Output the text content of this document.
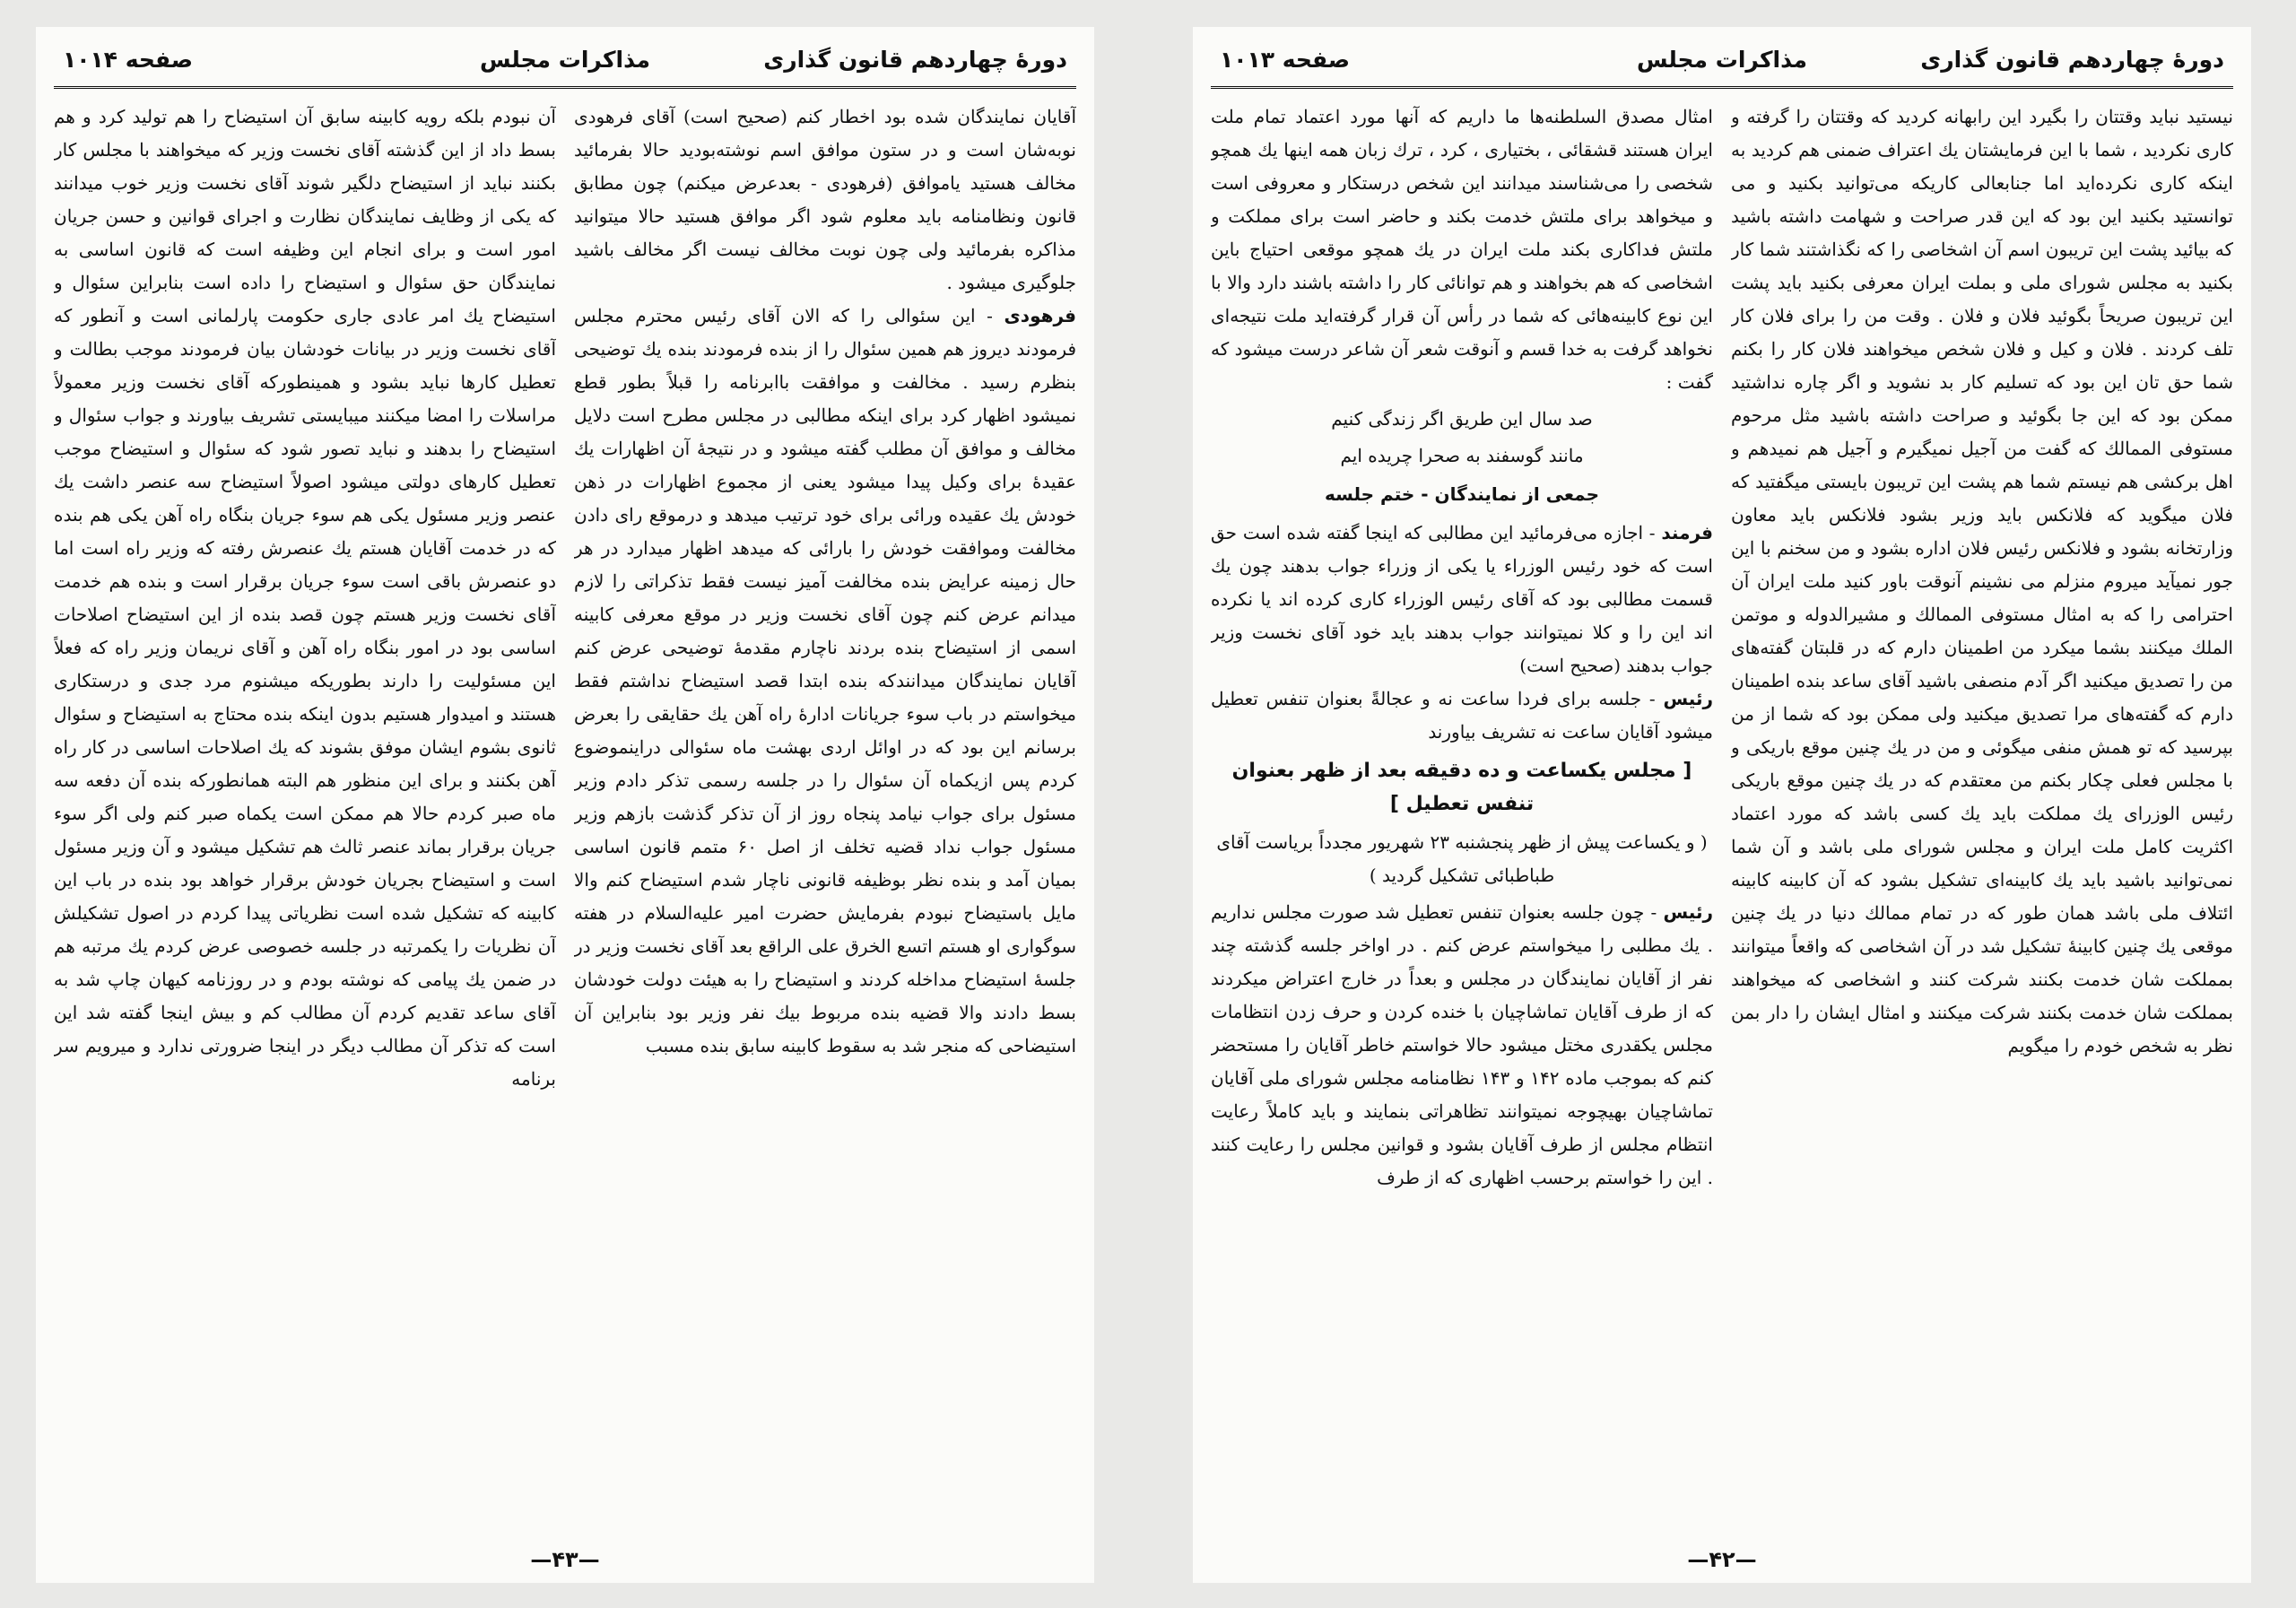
دورهٔ چهاردهم قانون گذاری
مذاکرات مجلس
صفحه ۱۰۱۴

آقایان نمایندگان شده بود اخطار کنم (صحیح است) آقای فرهودی نوبه‌شان است و در ستون موافق اسم نوشته‌بودید حالا بفرمائید مخالف هستید یاموافق (فرهودی - بعدعرض میکنم) چون مطابق قانون ونظامنامه باید معلوم شود اگر موافق هستید حالا میتوانید مذاکره بفرمائید ولی چون نوبت مخالف نیست اگر مخالف باشید جلوگیری میشود .

فرهودی - این سئوالی را که الان آقای رئیس محترم مجلس فرمودند دیروز هم همین سئوال را از بنده فرمودند بنده یك توضیحی بنظرم رسید . مخالفت و موافقت باابرنامه را قبلاً بطور قطع نمیشود اظهار کرد برای اینکه مطالبی در مجلس مطرح است دلایل مخالف و موافق آن مطلب گفته میشود و در نتیجهٔ آن اظهارات یك عقیدهٔ برای وکیل پیدا میشود یعنی از مجموع اظهارات در ذهن خودش یك عقیده ورائی برای خود ترتیب میدهد و درموقع رای دادن مخالفت وموافقت خودش را بارائی که میدهد اظهار میدارد در هر حال زمینه عرایض بنده مخالفت آمیز نیست فقط تذکراتی را لازم میدانم عرض کنم چون آقای نخست وزیر در موقع معرفی کابینه اسمی از استیضاح بنده بردند ناچارم مقدمهٔ توضیحی عرض کنم آقایان نمایندگان میدانندکه بنده ابتدا قصد استیضاح نداشتم فقط میخواستم در باب سوء جریانات ادارهٔ راه آهن یك حقایقی را بعرض برسانم این بود که در اوائل اردی بهشت ماه سئوالی دراینموضوع کردم پس ازیکماه آن سئوال را در جلسه رسمی تذکر دادم وزیر مسئول برای جواب نیامد پنجاه روز از آن تذکر گذشت بازهم وزیر مسئول جواب نداد قضیه تخلف از اصل ۶۰ متمم قانون اساسی بمیان آمد و بنده نظر بوظیفه قانونی ناچار شدم استیضاح کنم والا مایل باستیضاح نبودم بفرمایش حضرت امیر علیه‌السلام در هفته سوگواری او هستم اتسع الخرق علی الراقع بعد آقای نخست وزیر در جلسهٔ استیضاح مداخله کردند و استیضاح را به هیئت دولت خودشان بسط دادند والا قضیه بنده مربوط بیك نفر وزیر بود بنابراین آن استیضاحی که منجر شد به سقوط کابینه سابق بنده مسبب

آن نبودم بلکه رویه کابینه سابق آن استیضاح را هم تولید کرد و هم بسط داد از این گذشته آقای نخست وزیر که میخواهند با مجلس کار بکنند نباید از استیضاح دلگیر شوند آقای نخست وزیر خوب میدانند که یکی از وظایف نمایندگان نظارت و اجرای قوانین و حسن جریان امور است و برای انجام این وظیفه است که قانون اساسی به نمایندگان حق سئوال و استیضاح را داده است بنابراین سئوال و استیضاح یك امر عادی جاری حکومت پارلمانی است و آنطور که آقای نخست وزیر در بیانات خودشان بیان فرمودند موجب بطالت و تعطیل کارها نباید بشود و همینطورکه آقای نخست وزیر معمولاً مراسلات را امضا میکنند میبایستی تشریف بیاورند و جواب سئوال و استیضاح را بدهند و نباید تصور شود که سئوال و استیضاح موجب تعطیل کارهای دولتی میشود اصولاً استیضاح سه عنصر داشت یك عنصر وزیر مسئول یکی هم سوء جریان بنگاه راه آهن یکی هم بنده که در خدمت آقایان هستم یك عنصرش رفته که وزیر راه است اما دو عنصرش باقی است سوء جریان برقرار است و بنده هم خدمت آقای نخست وزیر هستم چون قصد بنده از این استیضاح اصلاحات اساسی بود در امور بنگاه راه آهن و آقای نریمان وزیر راه که فعلاً این مسئولیت را دارند بطوریکه میشنوم مرد جدی و درستکاری هستند و امیدوار هستیم بدون اینکه بنده محتاج به استیضاح و سئوال ثانوی بشوم ایشان موفق بشوند که یك اصلاحات اساسی در کار راه آهن بکنند و برای این منظور هم البته همانطورکه بنده آن دفعه سه ماه صبر کردم حالا هم ممکن است یکماه صبر کنم ولی اگر سوء جریان برقرار بماند عنصر ثالث هم تشکیل میشود و آن وزیر مسئول است و استیضاح بجریان خودش برقرار خواهد بود بنده در باب این کابینه که تشکیل شده است نظریاتی پیدا کردم در اصول تشکیلش آن نظریات را یکمرتبه در جلسه خصوصی عرض کردم یك مرتبه هم در ضمن یك پیامی که نوشته بودم و در روزنامه کیهان چاپ شد به آقای ساعد تقدیم کردم آن مطالب کم و بیش اینجا گفته شد این است که تذکر آن مطالب دیگر در اینجا ضرورتی ندارد و میرویم سر برنامه

—۴۳—
دورهٔ چهاردهم قانون گذاری
مذاکرات مجلس
صفحه ۱۰۱۳

نیستید نباید وقتتان را بگیرد این رابهانه کردید که وقتتان را گرفته و کاری نکردید ، شما با این فرمایشتان یك اعتراف ضمنی هم کردید به اینکه کاری نکرده‌اید اما جنابعالی کاریکه می‌توانید بکنید و می توانستید بکنید این بود که این قدر صراحت و شهامت داشته باشید که بیائید پشت این تریبون اسم آن اشخاصی را که نگذاشتند شما کار بکنید به مجلس شورای ملی و بملت ایران معرفی بکنید باید پشت این تریبون صریحاً بگوئید فلان و فلان . وقت من را برای فلان کار تلف کردند . فلان و کیل و فلان شخص میخواهند فلان کار را بکنم شما حق تان این بود که تسلیم کار بد نشوید و اگر چاره نداشتید ممکن بود که این جا بگوئید و صراحت داشته باشید مثل مرحوم مستوفی الممالك که گفت من آجیل نمیگیرم و آجیل هم نمیدهم و اهل برکشی هم نیستم شما هم پشت این تریبون بایستی میگفتید که فلان میگوید که فلانکس باید وزیر بشود فلانکس باید معاون وزارتخانه بشود و فلانکس رئیس فلان اداره بشود و من سخنم با این جور نمیآید میروم منزلم می نشینم آنوقت باور کنید ملت ایران آن احترامی را که به امثال مستوفی الممالك و مشیرالدوله و موتمن الملك میکنند بشما میکرد من اطمینان دارم که در قلبتان گفته‌های من را تصدیق میکنید اگر آدم منصفی باشید آقای ساعد بنده اطمینان دارم که گفته‌های مرا تصدیق میکنید ولی ممکن بود که شما از من بپرسید که تو همش منفی میگوئی و من در یك چنین موقع باریکی و با مجلس فعلی چکار بکنم من معتقدم که در یك چنین موقع باریکی رئیس الوزرای یك مملکت باید یك کسی باشد که مورد اعتماد اکثریت کامل ملت ایران و مجلس شورای ملی باشد و آن شما نمی‌توانید باشید باید یك کابینه‌ای تشکیل بشود که آن کابینه کابینه ائتلاف ملی باشد همان طور که در تمام ممالك دنیا در یك چنین موقعی یك چنین کابینهٔ تشکیل شد در آن اشخاصی که واقعاً میتوانند بمملکت شان خدمت بکنند شرکت کنند و اشخاصی که میخواهند بمملکت شان خدمت بکنند شرکت میکنند و امثال ایشان را دار بمن نظر به شخص خودم را میگویم

امثال مصدق السلطنه‌ها ما داریم که آنها مورد اعتماد تمام ملت ایران هستند قشقائی ، بختیاری ، کرد ، ترك زبان همه اینها یك همچو شخصی را می‌شناسند میدانند این شخص درستکار و معروفی است و میخواهد برای ملتش خدمت بکند و حاضر است برای مملکت و ملتش فداکاری بکند ملت ایران در یك همچو موقعی احتیاج باین اشخاصی که هم بخواهند و هم توانائی کار را داشته باشند دارد والا با این نوع کابینه‌هائی که شما در رأس آن قرار گرفته‌اید ملت نتیجه‌ای نخواهد گرفت به خدا قسم و آنوقت شعر آن شاعر درست میشود که گفت :

صد سال این طریق اگر زندگی کنیم

مانند گوسفند به صحرا چریده ایم

جمعی از نمایندگان - ختم جلسه

فرمند - اجازه می‌فرمائید این مطالبی که اینجا گفته شده است حق است که خود رئیس الوزراء یا یکی از وزراء جواب بدهند چون یك قسمت مطالبی بود که آقای رئیس الوزراء کاری کرده اند یا نکرده اند این را و کلا نمیتوانند جواب بدهند باید خود آقای نخست وزیر جواب بدهند (صحیح است)

رئیس - جلسه برای فردا ساعت نه و عجالةً بعنوان تنفس تعطیل میشود آقایان ساعت نه تشریف بیاورند

[ مجلس یکساعت و ده دقیقه بعد از ظهر بعنوان تنفس تعطیل ]

( و یکساعت پیش از ظهر پنجشنبه ۲۳ شهریور مجدداً بریاست آقای طباطبائی تشکیل گردید )

رئیس - چون جلسه بعنوان تنفس تعطیل شد صورت مجلس نداریم . یك مطلبی را میخواستم عرض کنم . در اواخر جلسه گذشته چند نفر از آقایان نمایندگان در مجلس و بعداً در خارج اعتراض میکردند که از طرف آقایان تماشاچیان با خنده کردن و حرف زدن انتظامات مجلس یکقدری مختل میشود حالا خواستم خاطر آقایان را مستحضر کنم که بموجب ماده ۱۴۲ و ۱۴۳ نظامنامه مجلس شورای ملی آقایان تماشاچیان بهیچوجه نمیتوانند تظاهراتی بنمایند و باید کاملاً رعایت انتظام مجلس از طرف آقایان بشود و قوانین مجلس را رعایت کنند . این را خواستم برحسب اظهاری که از طرف

—۴۲—
